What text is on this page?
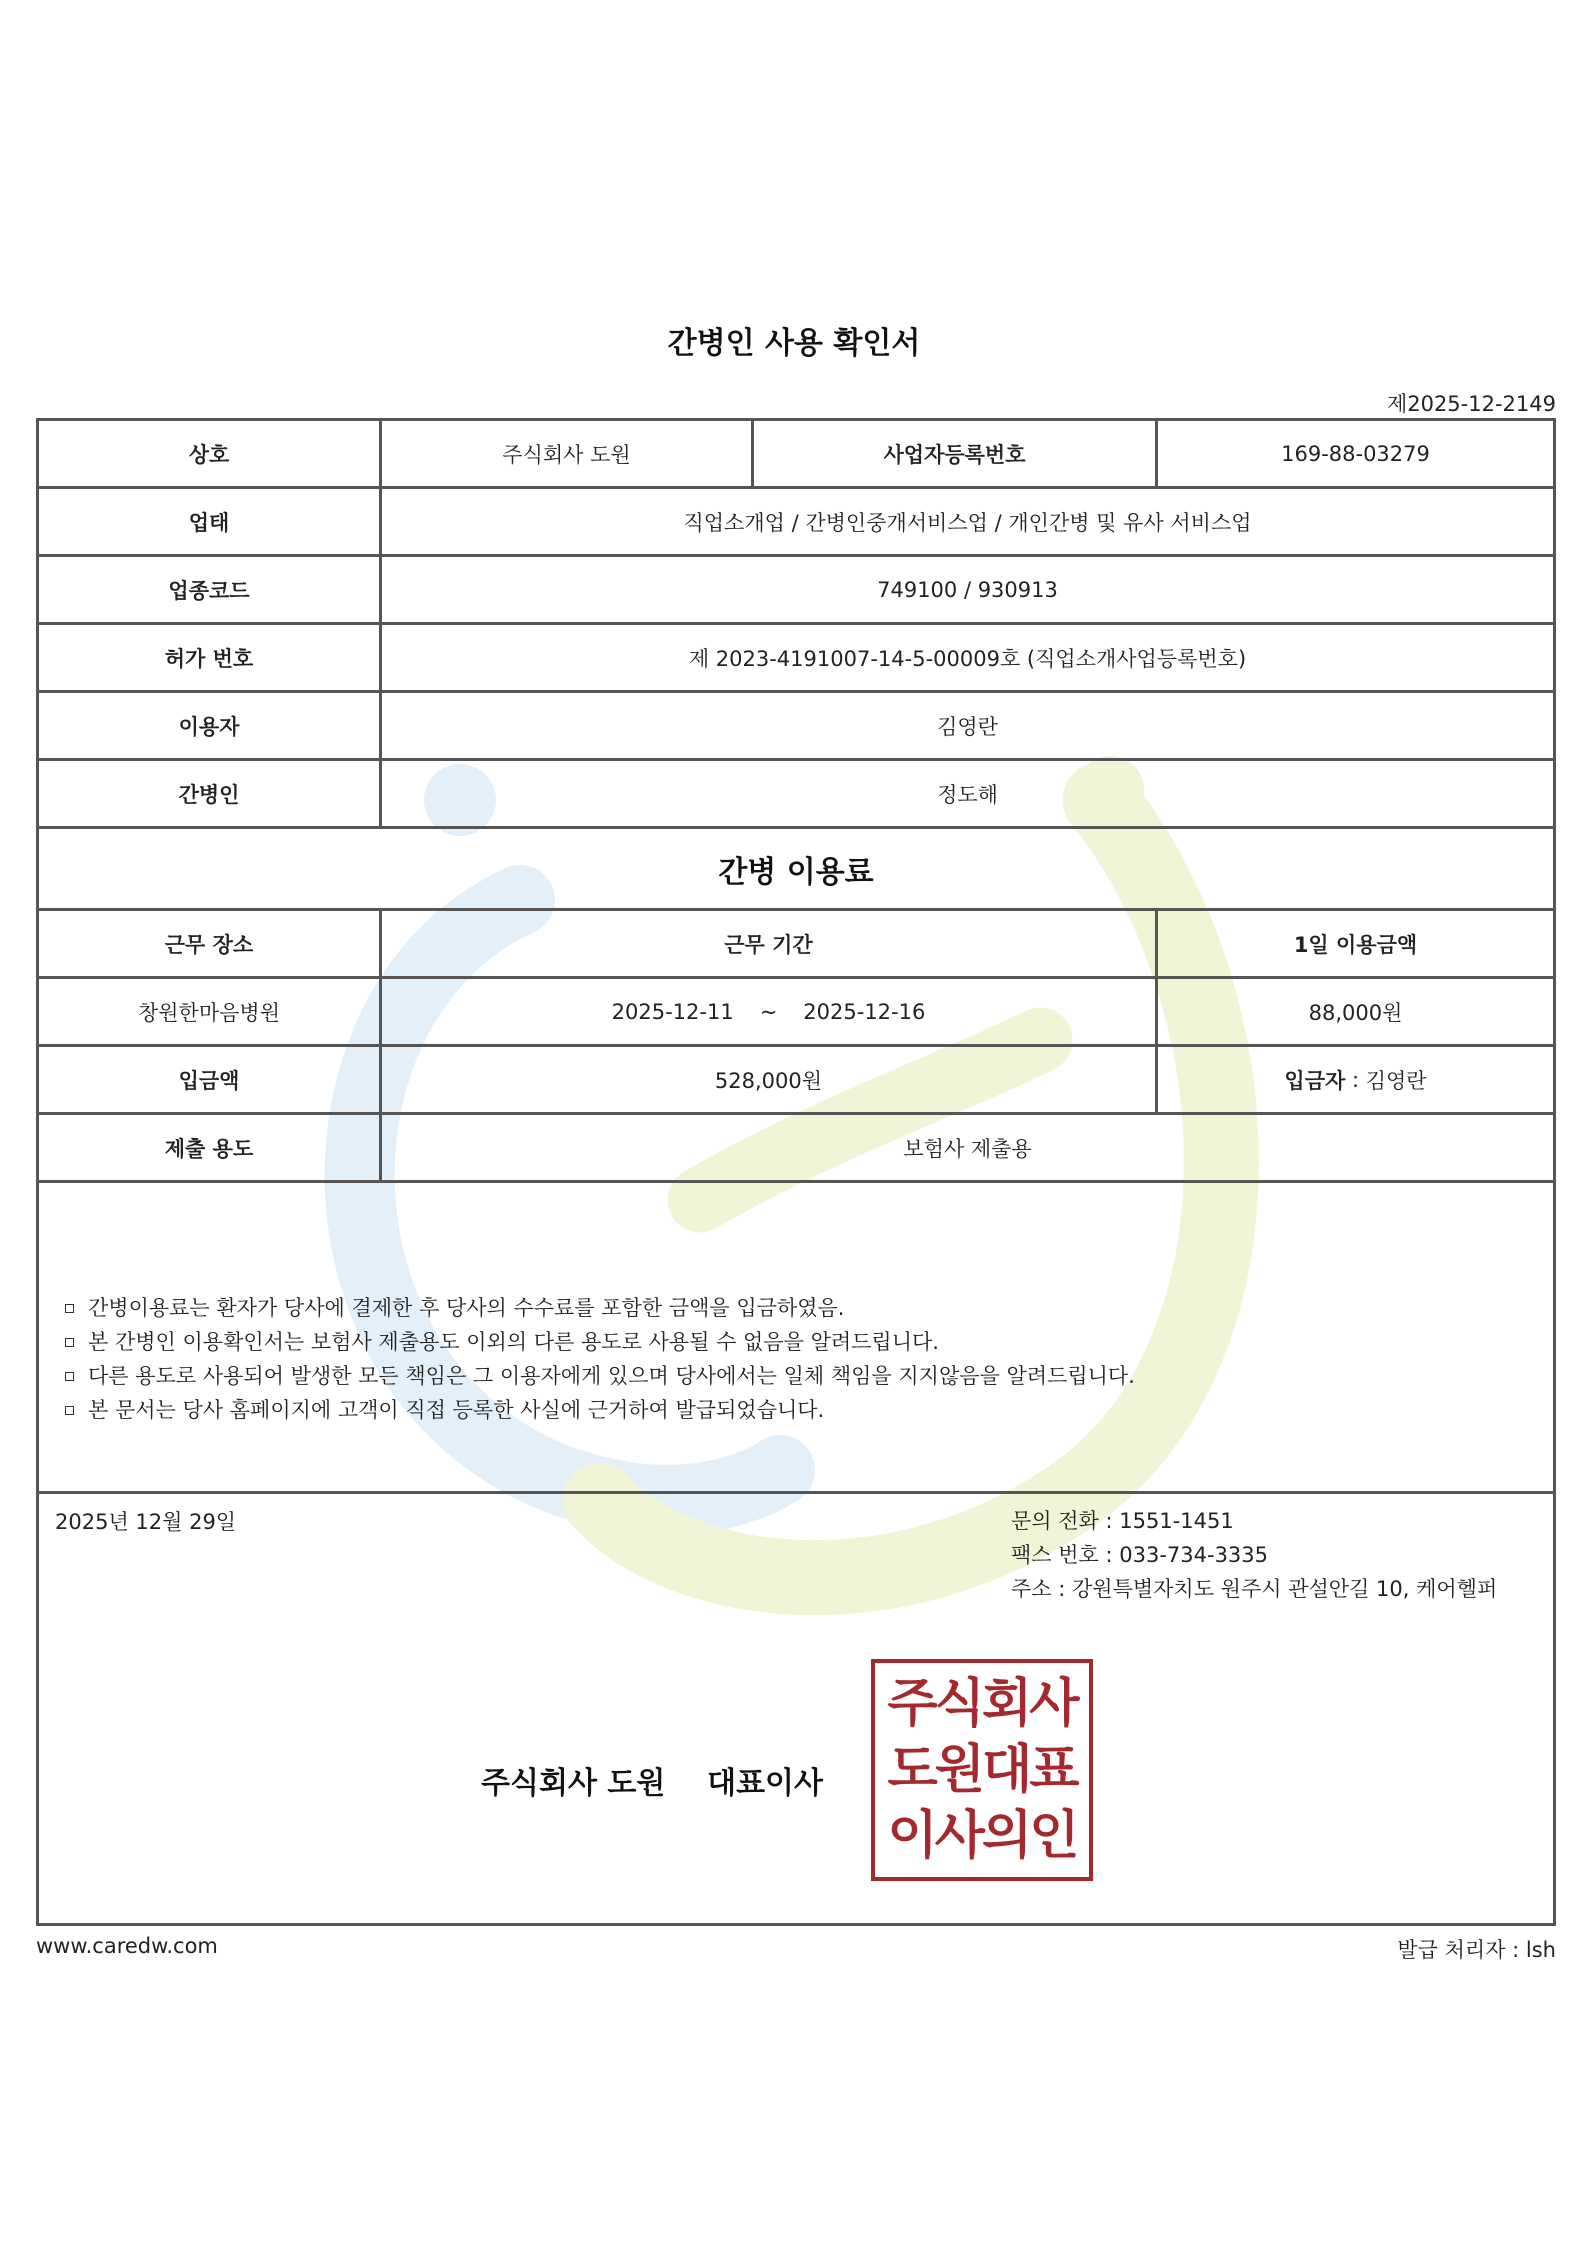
간병인 사용 확인서
제2025-12-2149
상호	주식회사 도원	사업자등록번호	169-88-03279
업태	직업소개업 / 간병인중개서비스업 / 개인간병 및 유사 서비스업
업종코드	749100 / 930913
허가 번호	제 2023-4191007-14-5-00009호 (직업소개사업등록번호)
이용자	김영란
간병인	정도해
간병 이용료
근무 장소	근무 기간	1일 이용금액
창원한마음병원	2025-12-11 ~ 2025-12-16	88,000원
입금액	528,000원	입금자 : 김영란
제출 용도	보험사 제출용
간병이용료는 환자가 당사에 결제한 후 당사의 수수료를 포함한 금액을 입금하였음.
본 간병인 이용확인서는 보험사 제출용도 이외의 다른 용도로 사용될 수 없음을 알려드립니다.
다른 용도로 사용되어 발생한 모든 책임은 그 이용자에게 있으며 당사에서는 일체 책임을 지지않음을 알려드립니다.
본 문서는 당사 홈페이지에 고객이 직접 등록한 사실에 근거하여 발급되었습니다.
2025년 12월 29일	문의 전화 : 1551-1451
팩스 번호 : 033-734-3335
주소 : 강원특별자치도 원주시 관설안길 10, 케어헬퍼
주식회사 도원    대표이사
주식회사
도원대표
이사의인
www.caredw.com	발급 처리자 : lsh
